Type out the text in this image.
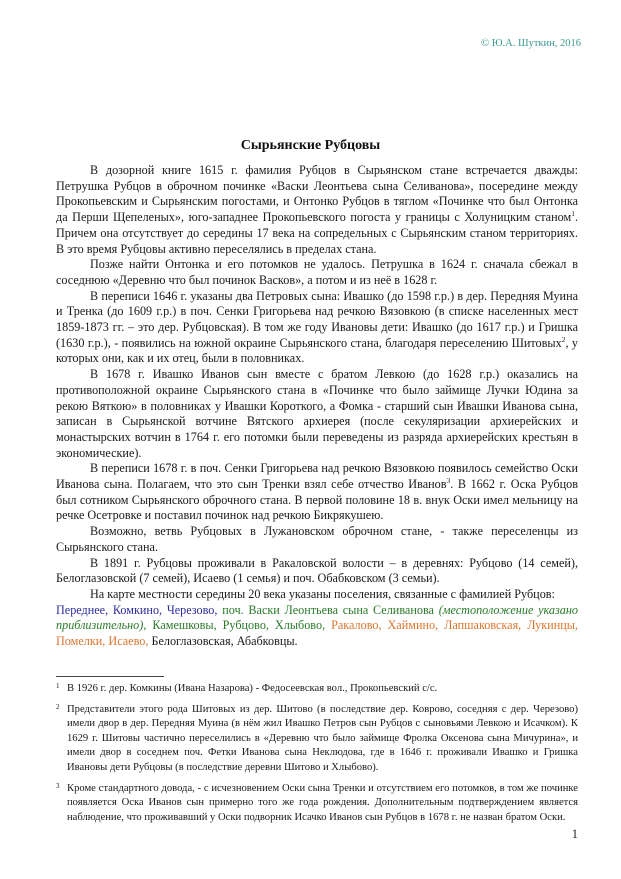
© Ю.А. Шуткин, 2016
Сырьянские Рубцовы

В дозорной книге 1615 г. фамилия Рубцов в Сырьянском стане встречается дважды: Петрушка Рубцов в оброчном починке «Васки Леонтьева сына Селиванова», посередине между Прокопьевским и Сырьянским погостами, и Онтонко Рубцов в тяглом «Починке что был Онтонка да Перши Щепеленых», юго-западнее Прокопьевского погоста у границы с Холуницким станом$^1$. Причем она отсутствует до середины 17 века на сопредельных с Сырьянским станом территориях. В это время Рубцовы активно переселялись в пределах стана.

Позже найти Онтонка и его потомков не удалось. Петрушка в 1624 г. сначала сбежал в соседнюю «Деревню что был починок Васков», а потом и из неё в 1628 г.

В переписи 1646 г. указаны два Петровых сына: Ивашко (до 1598 г.р.) в дер. Передняя Муина и Тренка (до 1609 г.р.) в поч. Сенки Григорьева над речкою Вязовкою (в списке населенных мест 1859-1873 гг. – это дер. Рубцовская). В том же году Ивановы дети: Ивашко (до 1617 г.р.) и Гришка (1630 г.р.), - появились на южной окраине Сырьянского стана, благодаря переселению Шитовых$^2$, у которых они, как и их отец, были в половниках.

В 1678 г. Ивашко Иванов сын вместе с братом Левкою (до 1628 г.р.) оказались на противоположной окраине Сырьянского стана в «Починке что было займище Лучки Юдина за рекою Вяткою» в половниках у Ивашки Короткого, а Фомка - старший сын Ивашки Иванова сына, записан в Сырьянской вотчине Вятского архиерея (после секуляризации архиерейских и монастырских вотчин в 1764 г. его потомки были переведены из разряда архиерейских крестьян в экономические).

В переписи 1678 г. в поч. Сенки Григорьева над речкою Вязовкою появилось семейство Оски Иванова сына. Полагаем, что это сын Тренки взял себе отчество Иванов$^3$. В 1662 г. Оска Рубцов был сотником Сырьянского оброчного стана. В первой половине 18 в. внук Оски имел мельницу на речке Осетровке и поставил починок над речкою Бикрякушею.

Возможно, ветвь Рубцовых в Лужановском оброчном стане, - также переселенцы из Сырьянского стана.

В 1891 г. Рубцовы проживали в Ракаловской волости – в деревнях: Рубцово (14 семей), Белоглазовской (7 семей), Исаево (1 семья) и поч. Обабковском (3 семьи).

На карте местности середины 20 века указаны поселения, связанные с фамилией Рубцов:

Переднее, Комкино, Черезово, поч. Васки Леонтьева сына Селиванова (местоположение указано приблизительно), Камешковы, Рубцово, Хлыбово, Ракалово, Хаймино, Лапшаковская, Лукинцы, Помелки, Исаево, Белоглазовская, Абабковцы.

1 В 1926 г. дер. Комкины (Ивана Назарова) - Федосеевская вол., Прокопьевский с/с.
2 Представители этого рода Шитовых из дер. Шитово (в последствие дер. Коврово, соседняя с дер. Черезово) имели двор в дер. Передняя Муина (в нём жил Ивашко Петров сын Рубцов с сыновьями Левкою и Исачком). К 1629 г. Шитовы частично переселились в «Деревню что было займище Фролка Оксенова сына Мичурина», и имели двор в соседнем поч. Фетки Иванова сына Неклюдова, где в 1646 г. проживали Ивашко и Гришка Ивановы дети Рубцовы (в последствие деревни Шитово и Хлыбово).
3 Кроме стандартного довода, - с исчезновением Оски сына Тренки и отсутствием его потомков, в том же починке появляется Оска Иванов сын примерно того же года рождения. Дополнительным подтверждением является наблюдение, что проживавший у Оски подворник Исачко Иванов сын Рубцов в 1678 г. не назван братом Оски.
1
